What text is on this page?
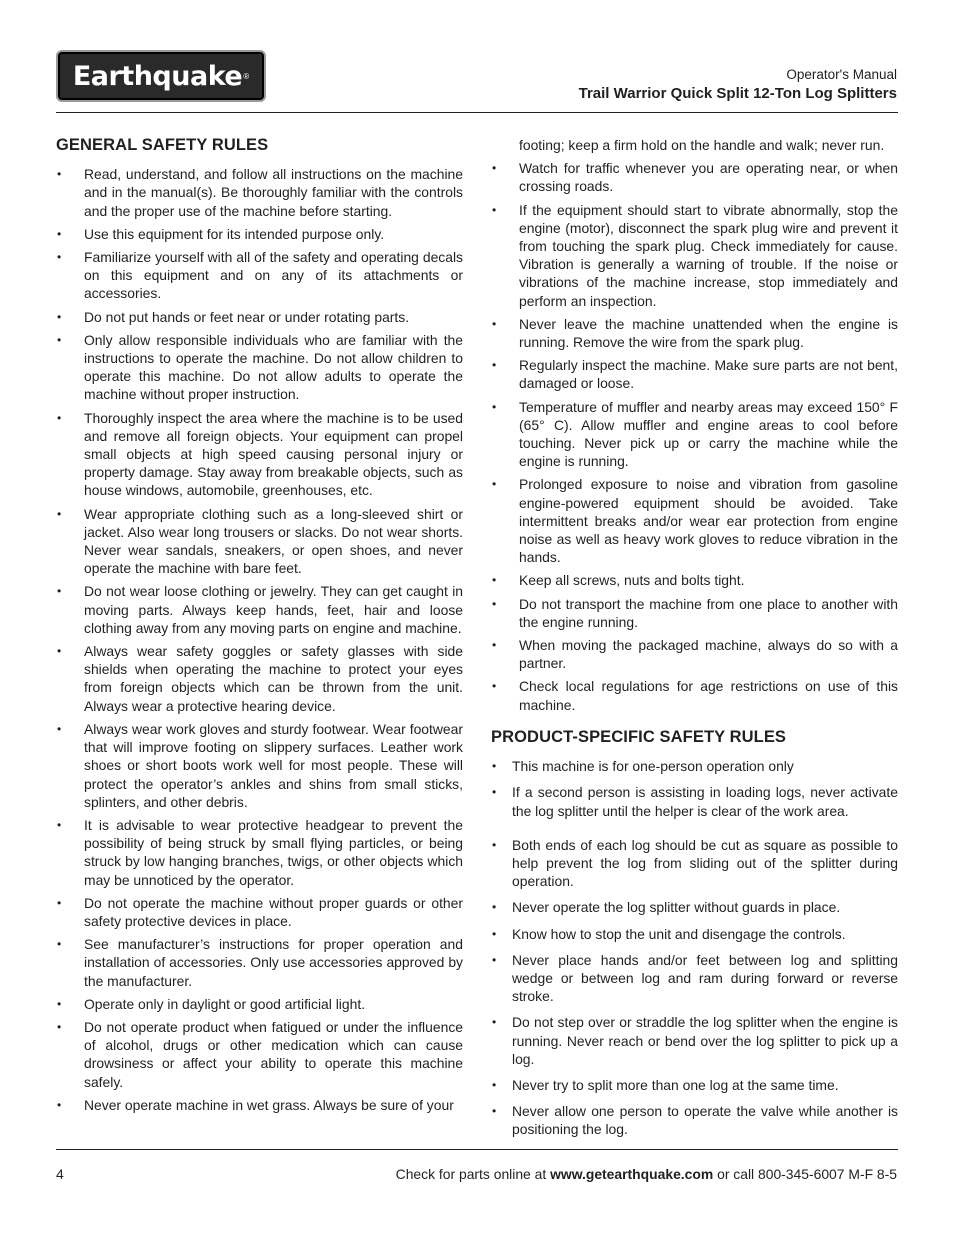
Earthquake ®	Operator's Manual
Trail Warrior Quick Split 12-Ton Log Splitters
GENERAL SAFETY RULES
• Read, understand, and follow all instructions on the machine and in the manual(s). Be thoroughly familiar with the controls and the proper use of the machine before starting.
• Use this equipment for its intended purpose only.
• Familiarize yourself with all of the safety and operating decals on this equipment and on any of its attachments or accessories.
• Do not put hands or feet near or under rotating parts.
• Only allow responsible individuals who are familiar with the instructions to operate the machine. Do not allow children to operate this machine. Do not allow adults to operate the machine without proper instruction.
• Thoroughly inspect the area where the machine is to be used and remove all foreign objects. Your equipment can propel small objects at high speed causing personal injury or property damage. Stay away from breakable objects, such as house windows, automobile, greenhouses, etc.
• Wear appropriate clothing such as a long-sleeved shirt or jacket. Also wear long trousers or slacks. Do not wear shorts. Never wear sandals, sneakers, or open shoes, and never operate the machine with bare feet.
• Do not wear loose clothing or jewelry. They can get caught in moving parts. Always keep hands, feet, hair and loose clothing away from any moving parts on engine and machine.
• Always wear safety goggles or safety glasses with side shields when operating the machine to protect your eyes from foreign objects which can be thrown from the unit. Always wear a protective hearing device.
• Always wear work gloves and sturdy footwear. Wear footwear that will improve footing on slippery surfaces. Leather work shoes or short boots work well for most people. These will protect the operator’s ankles and shins from small sticks, splinters, and other debris.
• It is advisable to wear protective headgear to prevent the possibility of being struck by small flying particles, or being struck by low hanging branches, twigs, or other objects which may be unnoticed by the operator.
• Do not operate the machine without proper guards or other safety protective devices in place.
• See manufacturer’s instructions for proper operation and installation of accessories. Only use accessories approved by the manufacturer.
• Operate only in daylight or good artificial light.
• Do not operate product when fatigued or under the influence of alcohol, drugs or other medication which can cause drowsiness or affect your ability to operate this machine safely.
• Never operate machine in wet grass. Always be sure of your
footing; keep a firm hold on the handle and walk; never run.
• Watch for traffic whenever you are operating near, or when crossing roads.
• If the equipment should start to vibrate abnormally, stop the engine (motor), disconnect the spark plug wire and prevent it from touching the spark plug. Check immediately for cause. Vibration is generally a warning of trouble. If the noise or vibrations of the machine increase, stop immediately and perform an inspection.
• Never leave the machine unattended when the engine is running. Remove the wire from the spark plug.
• Regularly inspect the machine. Make sure parts are not bent, damaged or loose.
• Temperature of muffler and nearby areas may exceed 150° F (65° C). Allow muffler and engine areas to cool before touching. Never pick up or carry the machine while the engine is running.
• Prolonged exposure to noise and vibration from gasoline engine-powered equipment should be avoided. Take intermittent breaks and/or wear ear protection from engine noise as well as heavy work gloves to reduce vibration in the hands.
• Keep all screws, nuts and bolts tight.
• Do not transport the machine from one place to another with the engine running.
• When moving the packaged machine, always do so with a partner.
• Check local regulations for age restrictions on use of this machine.
PRODUCT-SPECIFIC SAFETY RULES
• This machine is for one-person operation only
• If a second person is assisting in loading logs, never activate the log splitter until the helper is clear of the work area.
• Both ends of each log should be cut as square as possible to help prevent the log from sliding out of the splitter during operation.
• Never operate the log splitter without guards in place.
• Know how to stop the unit and disengage the controls.
• Never place hands and/or feet between log and splitting wedge or between log and ram during forward or reverse stroke.
• Do not step over or straddle the log splitter when the engine is running. Never reach or bend over the log splitter to pick up a log.
• Never try to split more than one log at the same time.
• Never allow one person to operate the valve while another is positioning the log.
4	Check for parts online at www.getearthquake.com or call 800-345-6007 M-F 8-5
